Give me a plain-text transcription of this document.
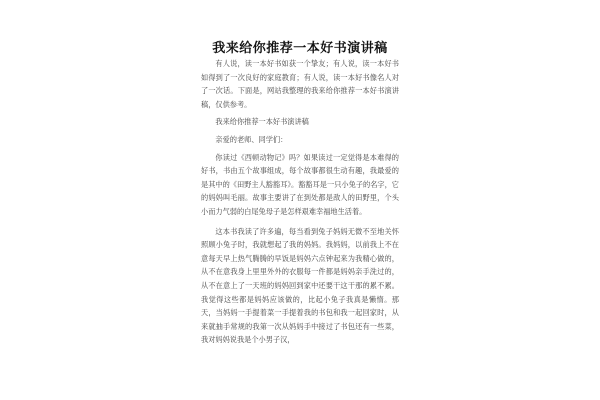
我来给你推荐一本好书演讲稿

有人说，读一本好书如获一个挚友；有人说，读一本好书如得到了一次良好的家庭教育；有人说，读一本好书像名人对了一次话。下面是，网站我整理的我来给你推荐一本好书演讲稿，仅供参考。

我来给你推荐一本好书演讲稿

亲爱的老师、同学们：

你读过《西顿动物记》吗？如果读过一定觉得是本难得的好书，书由五个故事组成，每个故事都很生动有趣，我最爱的是其中的《田野主人豁豁耳》。豁豁耳是一只小兔子的名字，它的妈妈叫毛丽。故事主要讲了在到处都是敌人的田野里，个头小而力气弱的白尾兔母子是怎样艰难幸福地生活着。

这本书我读了许多遍，每当看到兔子妈妈无微不至地关怀照顾小兔子时，我就想起了我的妈妈。我妈妈，以前我上不在意每天早上热气腾腾的早饭是妈妈六点钟起来为我精心做的，从不在意我身上里里外外的衣服每一件都是妈妈亲手洗过的，从不在意上了一天班的妈妈回到家中还要干这干那的累不累。我觉得这些都是妈妈应该做的，比起小兔子我真是懒惰。那天，当妈妈一手提着菜一手提着我的书包和我一起回家时，从来就抽手常规的我第一次从妈妈手中接过了书包还有一些菜，我对妈妈说我是个小男子汉，
